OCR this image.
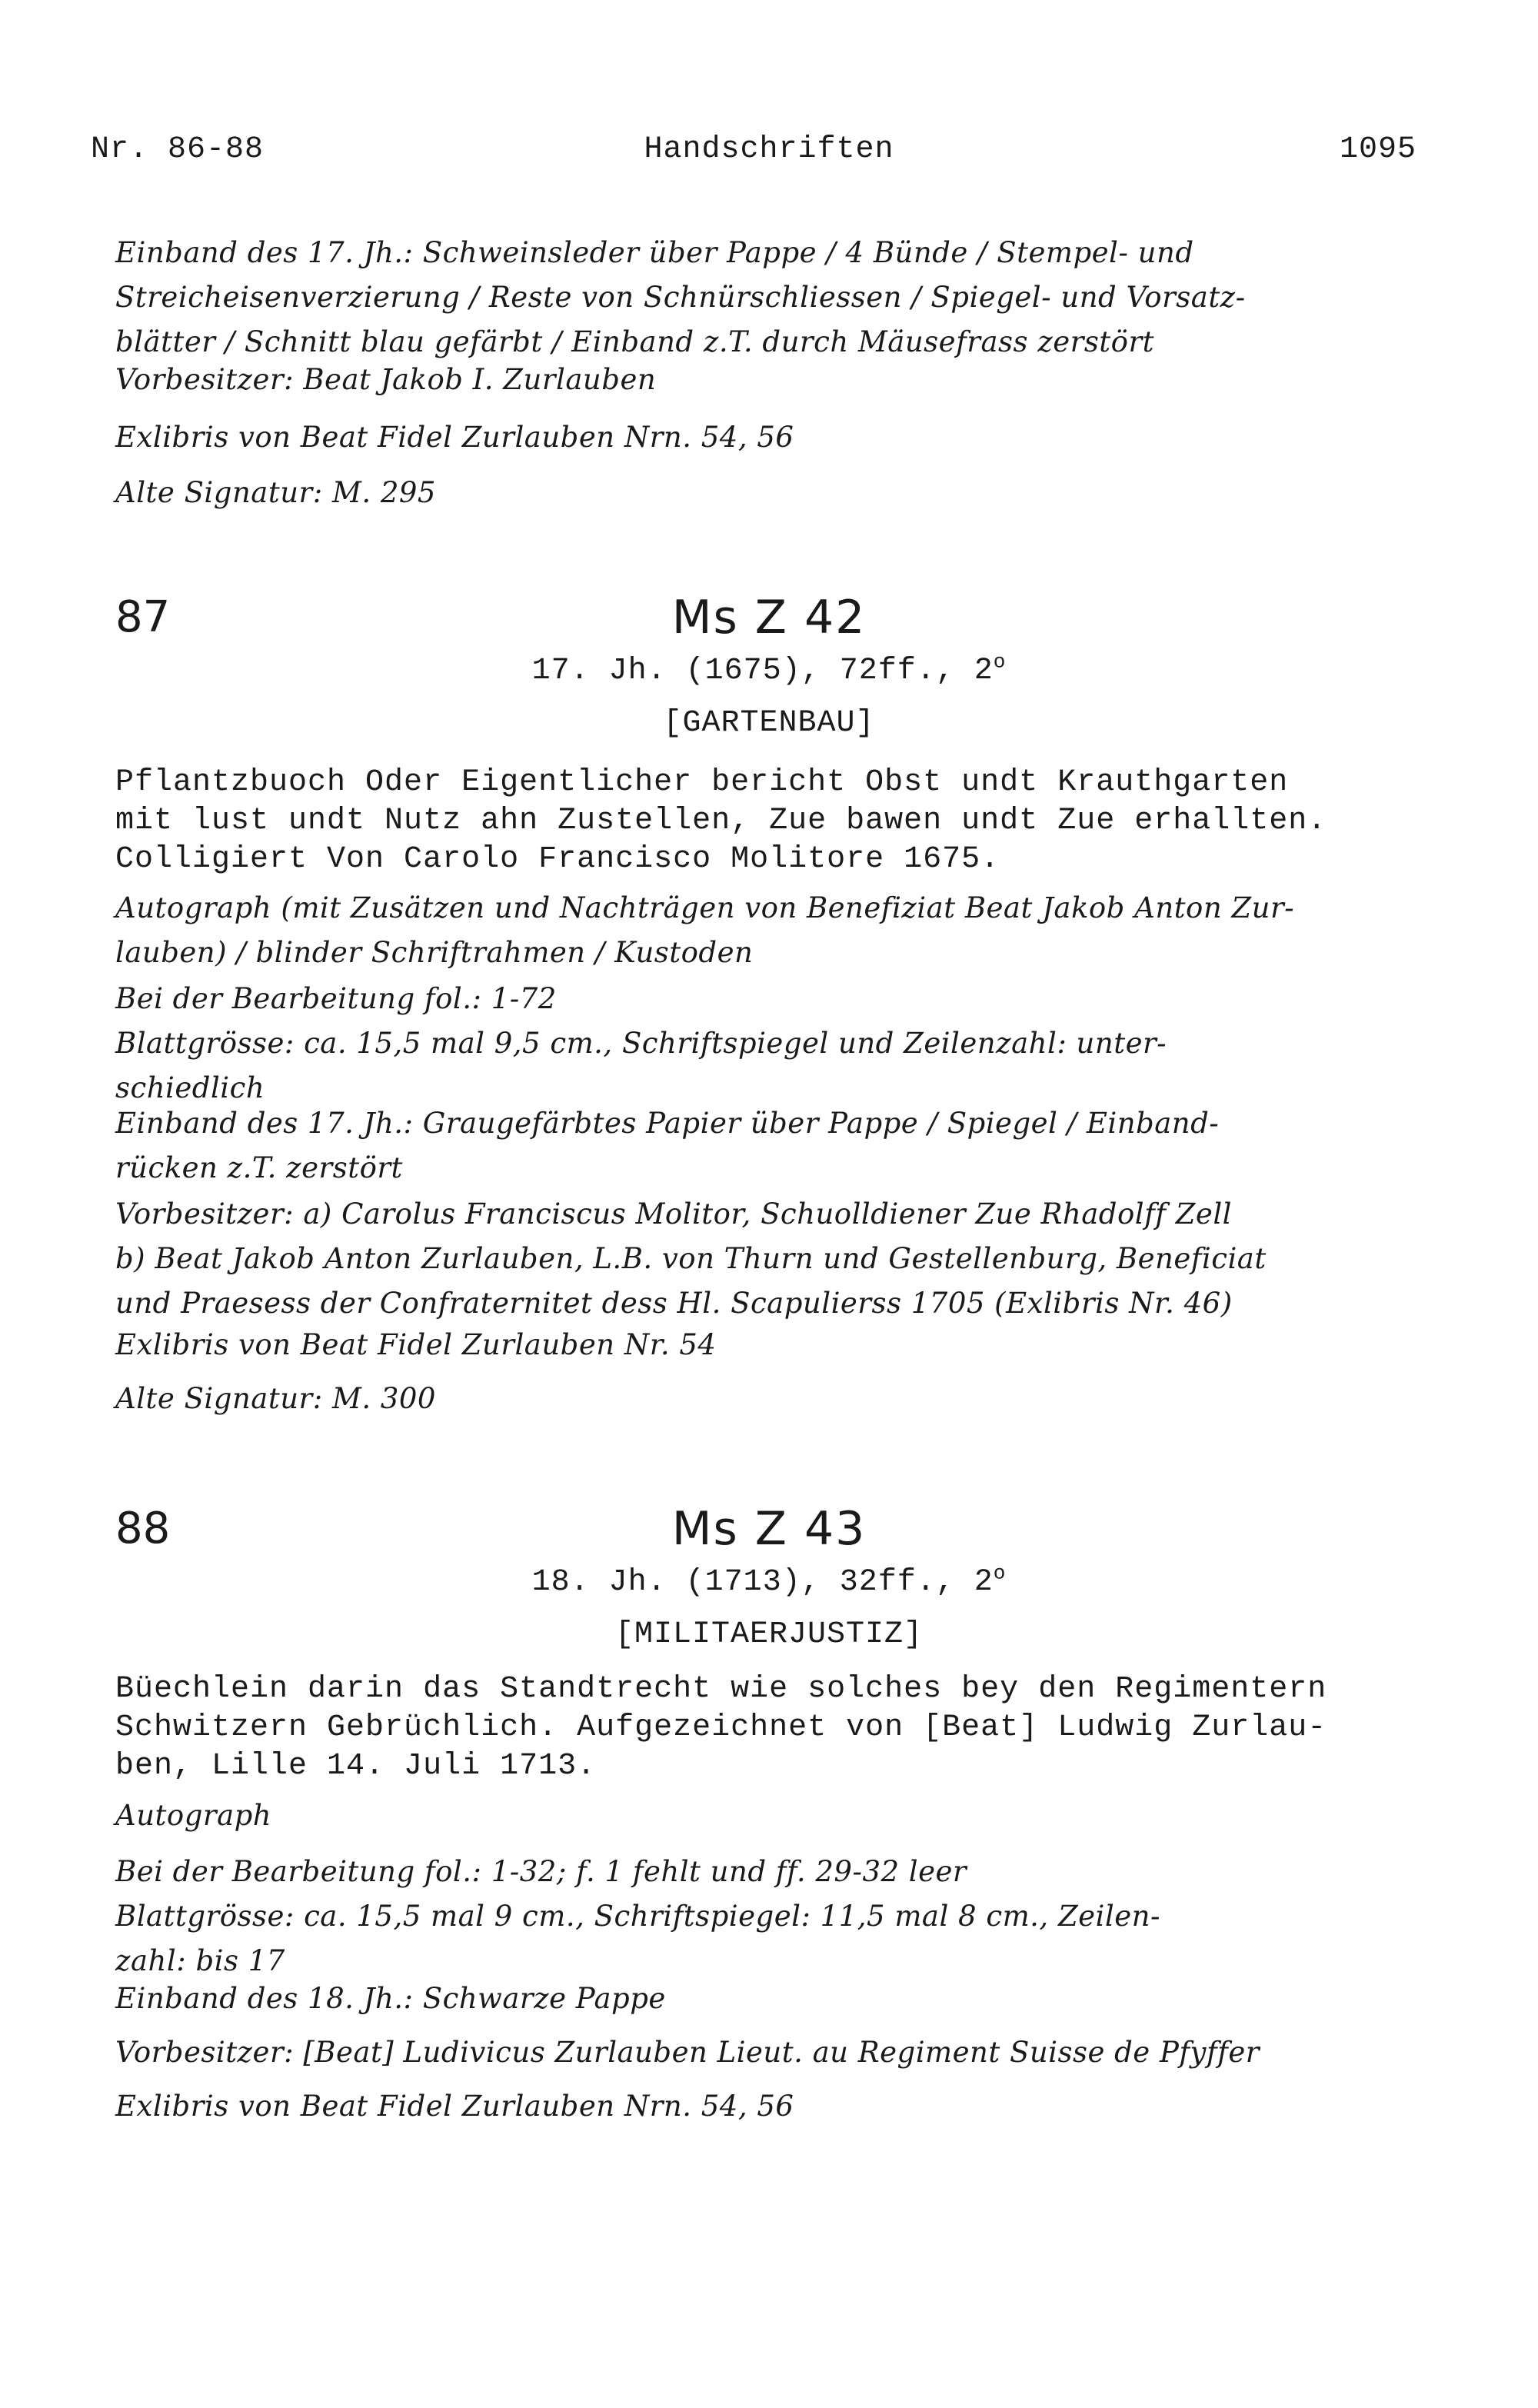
Nr. 86-88	Handschriften	1095
Einband des 17. Jh.: Schweinsleder über Pappe / 4 Bünde / Stempel- und
Streicheisenverzierung / Reste von Schnürschliessen / Spiegel- und Vorsatz-
blätter / Schnitt blau gefärbt / Einband z.T. durch Mäusefrass zerstört
Vorbesitzer: Beat Jakob I. Zurlauben
Exlibris von Beat Fidel Zurlauben Nrn. 54, 56
Alte Signatur: M. 295
87	Ms Z 42
17. Jh. (1675), 72ff., 2$^o$
[GARTENBAU]
Pflantzbuoch Oder Eigentlicher bericht Obst undt Krauthgarten
mit lust undt Nutz ahn Zustellen, Zue bawen undt Zue erhallten.
Colligiert Von Carolo Francisco Molitore 1675.
Autograph (mit Zusätzen und Nachträgen von Benefiziat Beat Jakob Anton Zur-
lauben) / blinder Schriftrahmen / Kustoden
Bei der Bearbeitung fol.: 1-72
Blattgrösse: ca. 15,5 mal 9,5 cm., Schriftspiegel und Zeilenzahl: unter-
schiedlich
Einband des 17. Jh.: Graugefärbtes Papier über Pappe / Spiegel / Einband-
rücken z.T. zerstört
Vorbesitzer: a) Carolus Franciscus Molitor, Schuolldiener Zue Rhadolff Zell
b) Beat Jakob Anton Zurlauben, L.B. von Thurn und Gestellenburg, Beneficiat
und Praesess der Confraternitet dess Hl. Scapulierss 1705 (Exlibris Nr. 46)
Exlibris von Beat Fidel Zurlauben Nr. 54
Alte Signatur: M. 300
88	Ms Z 43
18. Jh. (1713), 32ff., 2$^o$
[MILITAERJUSTIZ]
Büechlein darin das Standtrecht wie solches bey den Regimentern
Schwitzern Gebrüchlich. Aufgezeichnet von [Beat] Ludwig Zurlau-
ben, Lille 14. Juli 1713.
Autograph
Bei der Bearbeitung fol.: 1-32; f. 1 fehlt und ff. 29-32 leer
Blattgrösse: ca. 15,5 mal 9 cm., Schriftspiegel: 11,5 mal 8 cm., Zeilen-
zahl: bis 17
Einband des 18. Jh.: Schwarze Pappe
Vorbesitzer: [Beat] Ludivicus Zurlauben Lieut. au Regiment Suisse de Pfyffer
Exlibris von Beat Fidel Zurlauben Nrn. 54, 56
